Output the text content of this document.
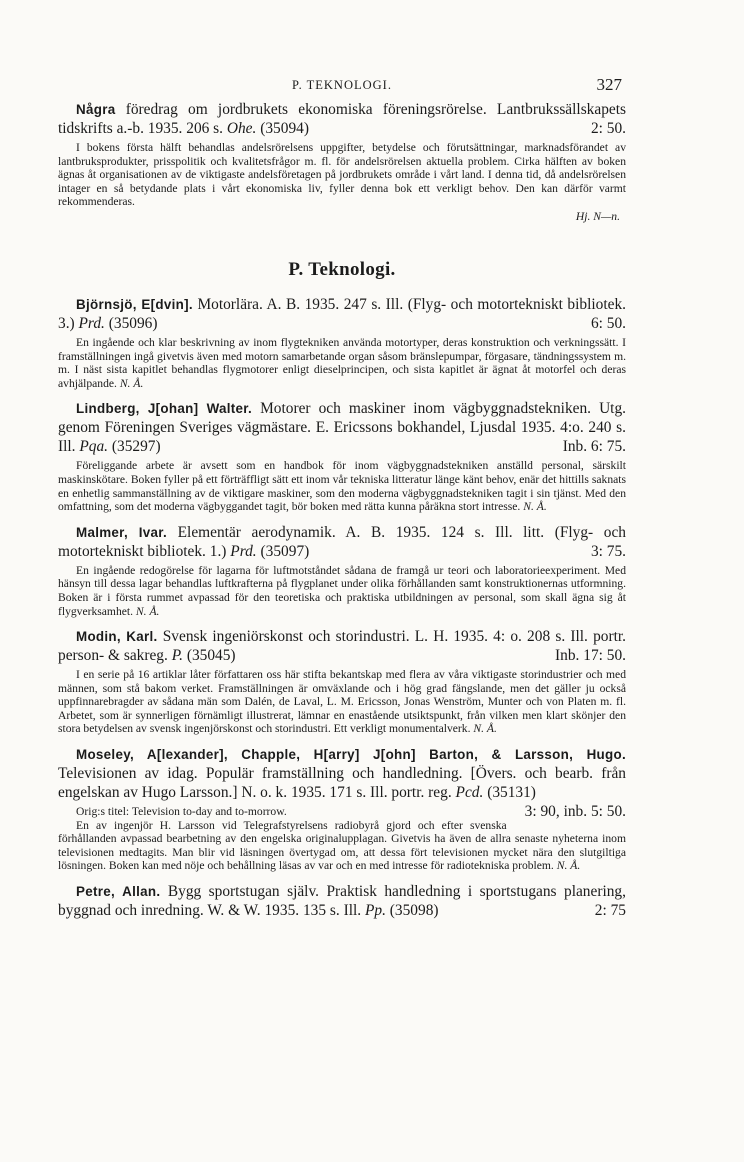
P. TEKNOLOGI.	327

Några föredrag om jordbrukets ekonomiska föreningsrörelse. Lantbrukssällskapets tidskrifts a.-b. 1935. 206 s. Ohe. (35094)	2: 50.

I bokens första hälft behandlas andelsrörelsens uppgifter, betydelse och förutsättningar, marknadsförandet av lantbruksprodukter, prisspolitik och kvalitetsfrågor m. fl. för andelsrörelsen aktuella problem. Cirka hälften av boken ägnas åt organisationen av de viktigaste andelsföretagen på jordbrukets område i vårt land. I denna tid, då andelsrörelsen intager en så betydande plats i vårt ekonomiska liv, fyller denna bok ett verkligt behov. Den kan därför varmt rekommenderas.

Hj. N—n.
P. Teknologi.

Björnsjö, E[dvin]. Motorlära. A. B. 1935. 247 s. Ill. (Flyg- och motortekniskt bibliotek. 3.) Prd. (35096)	6: 50.

En ingående och klar beskrivning av inom flygtekniken använda motortyper, deras konstruktion och verkningssätt. I framställningen ingå givetvis även med motorn samarbetande organ såsom bränslepumpar, förgasare, tändningssystem m. m. I näst sista kapitlet behandlas flygmotorer enligt dieselprincipen, och sista kapitlet är ägnat åt motorfel och deras avhjälpande. N. Å.

Lindberg, J[ohan] Walter. Motorer och maskiner inom vägbyggnadstekniken. Utg. genom Föreningen Sveriges vägmästare. E. Ericssons bokhandel, Ljusdal 1935. 4:o. 240 s. Ill. Pqa. (35297)	Inb. 6: 75.

Föreliggande arbete är avsett som en handbok för inom vägbyggnadstekniken anställd personal, särskilt maskinskötare. Boken fyller på ett förträffligt sätt ett inom vår tekniska litteratur länge känt behov, enär det hittills saknats en enhetlig sammanställning av de viktigare maskiner, som den moderna vägbyggnadstekniken tagit i sin tjänst. Med den omfattning, som det moderna vägbyggandet tagit, bör boken med rätta kunna påräkna stort intresse. N. Å.

Malmer, Ivar. Elementär aerodynamik. A. B. 1935. 124 s. Ill. litt. (Flyg- och motortekniskt bibliotek. 1.) Prd. (35097)	3: 75.

En ingående redogörelse för lagarna för luftmotståndet sådana de framgå ur teori och laboratorieexperiment. Med hänsyn till dessa lagar behandlas luftkrafterna på flygplanet under olika förhållanden samt konstruktionernas utformning. Boken är i första rummet avpassad för den teoretiska och praktiska utbildningen av personal, som skall ägna sig åt flygverksamhet. N. Å.

Modin, Karl. Svensk ingeniörskonst och storindustri. L. H. 1935. 4: o. 208 s. Ill. portr. person- & sakreg. P. (35045)	Inb. 17: 50.

I en serie på 16 artiklar låter författaren oss här stifta bekantskap med flera av våra viktigaste storindustrier och med männen, som stå bakom verket. Framställningen är omväxlande och i hög grad fängslande, men det gäller ju också uppfinnarebragder av sådana män som Dalén, de Laval, L. M. Ericsson, Jonas Wenström, Munter och von Platen m. fl. Arbetet, som är synnerligen förnämligt illustrerat, lämnar en enastående utsiktspunkt, från vilken men klart skönjer den stora betydelsen av svensk ingenjörskonst och storindustri. Ett verkligt monumentalverk. N. Å.

Moseley, A[lexander], Chapple, H[arry] J[ohn] Barton, & Larsson, Hugo. Televisionen av idag. Populär framställning och handledning. [Övers. och bearb. från engelskan av Hugo Larsson.] N. o. k. 1935. 171 s. Ill. portr. reg. Pcd. (35131)
3: 90, inb. 5: 50.

Orig:s titel: Television to-day and to-morrow.

En av ingenjör H. Larsson vid Telegrafstyrelsens radiobyrå gjord och efter svenska förhållanden avpassad bearbetning av den engelska originalupplagan. Givetvis ha även de allra senaste nyheterna inom televisionen medtagits. Man blir vid läsningen övertygad om, att dessa fört televisionen mycket nära den slutgiltiga lösningen. Boken kan med nöje och behållning läsas av var och en med intresse för radiotekniska problem. N. Å.

Petre, Allan. Bygg sportstugan själv. Praktisk handledning i sportstugans planering, byggnad och inredning. W. & W. 1935. 135 s. Ill. Pp. (35098)	2: 75
